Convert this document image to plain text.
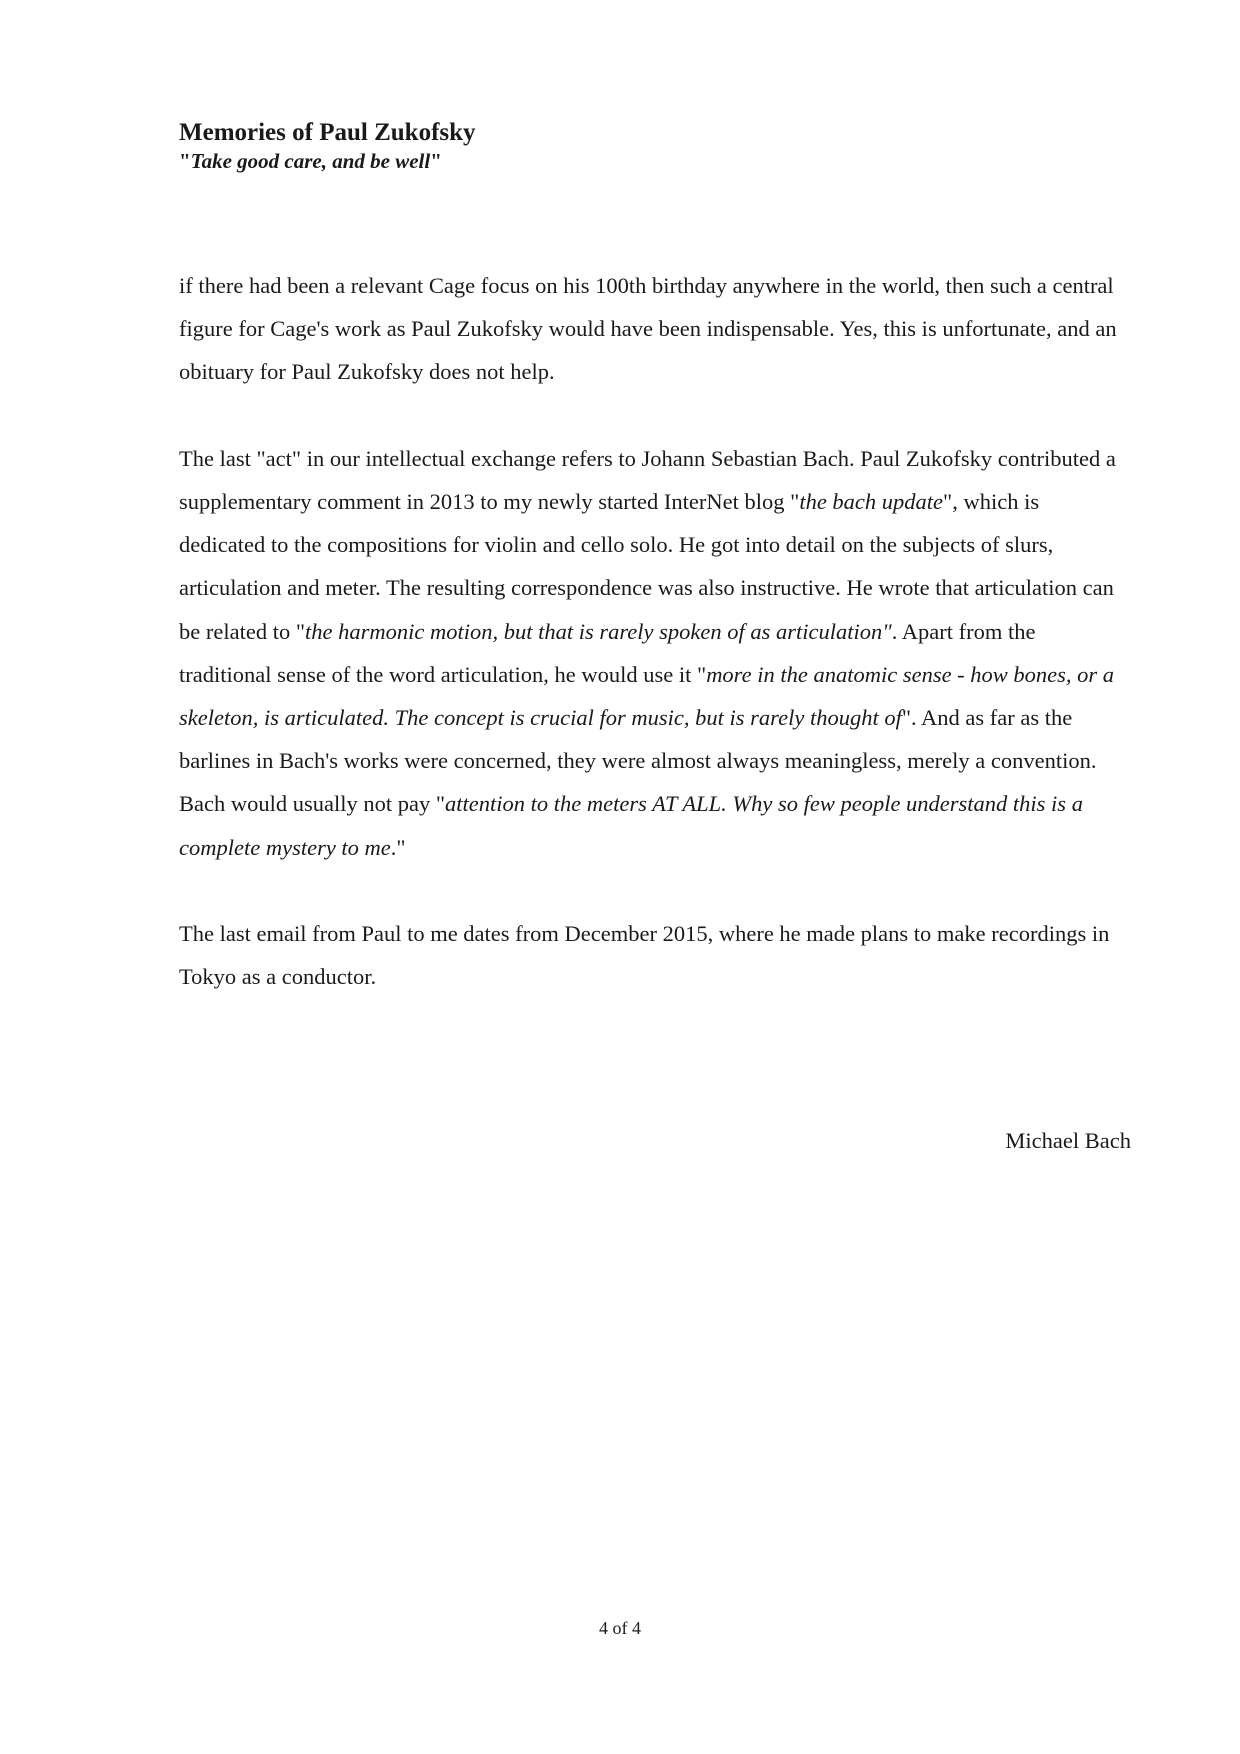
Memories of Paul Zukofsky

"Take good care, and be well"

if there had been a relevant Cage focus on his 100th birthday anywhere in the world, then such a central figure for Cage's work as Paul Zukofsky would have been indispensable. Yes, this is unfortunate, and an obituary for Paul Zukofsky does not help.

The last "act" in our intellectual exchange refers to Johann Sebastian Bach. Paul Zukofsky contributed a supplementary comment in 2013 to my newly started InterNet blog "the bach update", which is dedicated to the compositions for violin and cello solo. He got into detail on the subjects of slurs, articulation and meter. The resulting correspondence was also instructive. He wrote that articulation can be related to "the harmonic motion, but that is rarely spoken of as articulation". Apart from the traditional sense of the word articulation, he would use it "more in the anatomic sense - how bones, or a skeleton, is articulated. The concept is crucial for music, but is rarely thought of". And as far as the barlines in Bach's works were concerned, they were almost always meaningless, merely a convention. Bach would usually not pay "attention to the meters AT ALL. Why so few people understand this is a complete mystery to me."

The last email from Paul to me dates from December 2015, where he made plans to make recordings in Tokyo as a conductor.

Michael Bach
4 of 4
